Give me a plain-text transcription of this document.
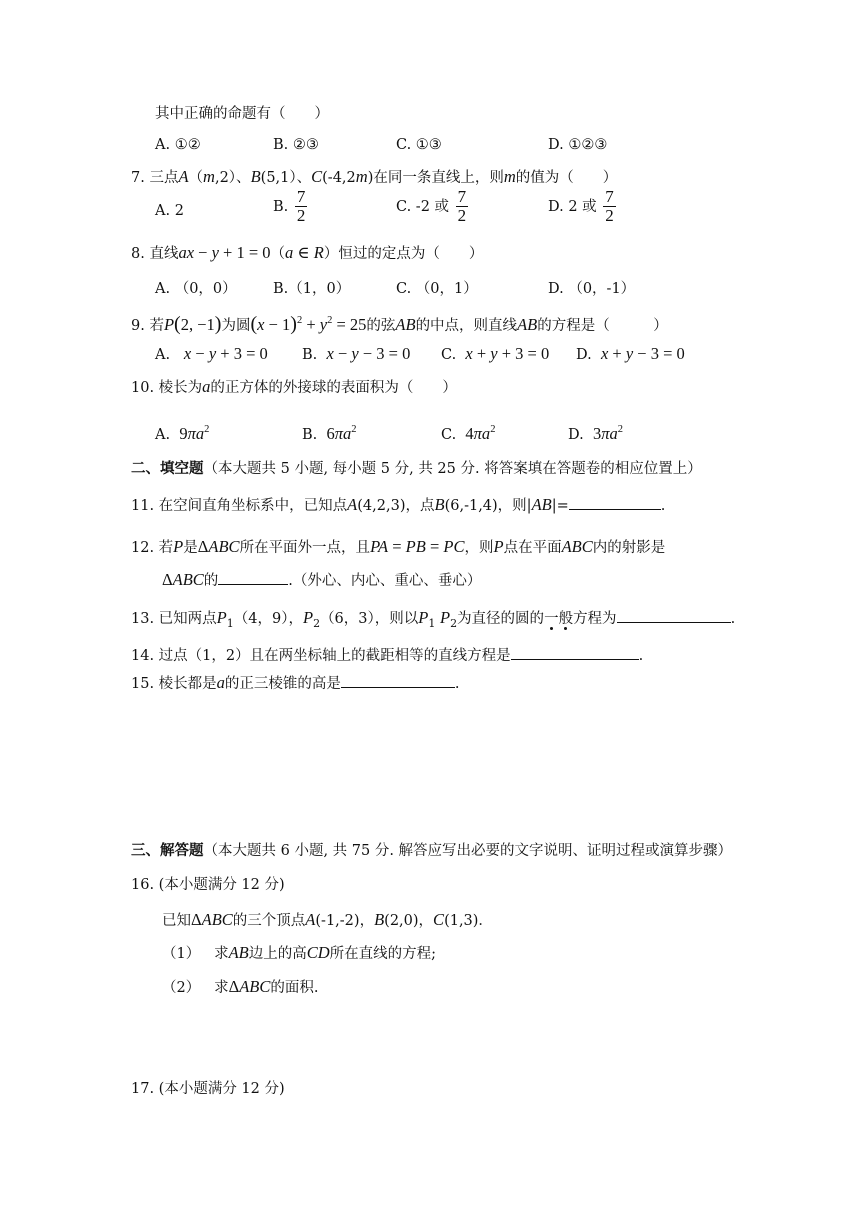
其中正确的命题有（　　）
A. ①②	B. ②③	C. ①③	D. ①②③
7. 三点A（m,2）、B(5,1）、C(-4,2m)在同一条直线上，则m的值为（　　）
A. 2	B. $\frac{7}{2}$	C. -2 或 $\frac{7}{2}$	D. 2 或 $\frac{7}{2}$
8. 直线ax − y + 1 = 0（a ∈ R）恒过的定点为（　　）
A. （0，0）	B.（1，0）	C. （0，1）	D. （0，-1）
9. 若P(2, −1)为圆$(x - 1)^2 + y^2 = 25$的弦AB的中点，则直线AB的方程是（　　　）
A. x − y + 3 = 0 B. x − y − 3 = 0 C. x + y + 3 = 0 D. x + y − 3 = 0
10. 棱长为a的正方体的外接球的表面积为（　　）
A. $9\pi a^2$	B. $6\pi a^2$	C. $4\pi a^2$	D. $3\pi a^2$
二、填空题（本大题共 5 小题, 每小题 5 分, 共 25 分. 将答案填在答题卷的相应位置上）
11. 在空间直角坐标系中，已知点A(4,2,3)，点B(6,-1,4)，则|AB|=	.
12. 若P是ΔABC所在平面外一点，且PA = PB = PC，则P点在平面ABC内的射影是
ΔABC的	.（外心、内心、重心、垂心）
13. 已知两点$P_1(4$，9），$P_2(6$，3），则以$P_1$ $P_2$为直径的圆的一般方程为	.
14. 过点（1，2）且在两坐标轴上的截距相等的直线方程是	.
15. 棱长都是a的正三棱锥的高是	.
三、解答题（本大题共 6 小题, 共 75 分. 解答应写出必要的文字说明、证明过程或演算步骤）
16. (本小题满分 12 分)
已知ΔABC的三个顶点A(-1,-2)，B(2,0)，C(1,3)．
（1） 求AB边上的高CD所在直线的方程;
（2） 求ΔABC的面积.
17. (本小题满分 12 分)
